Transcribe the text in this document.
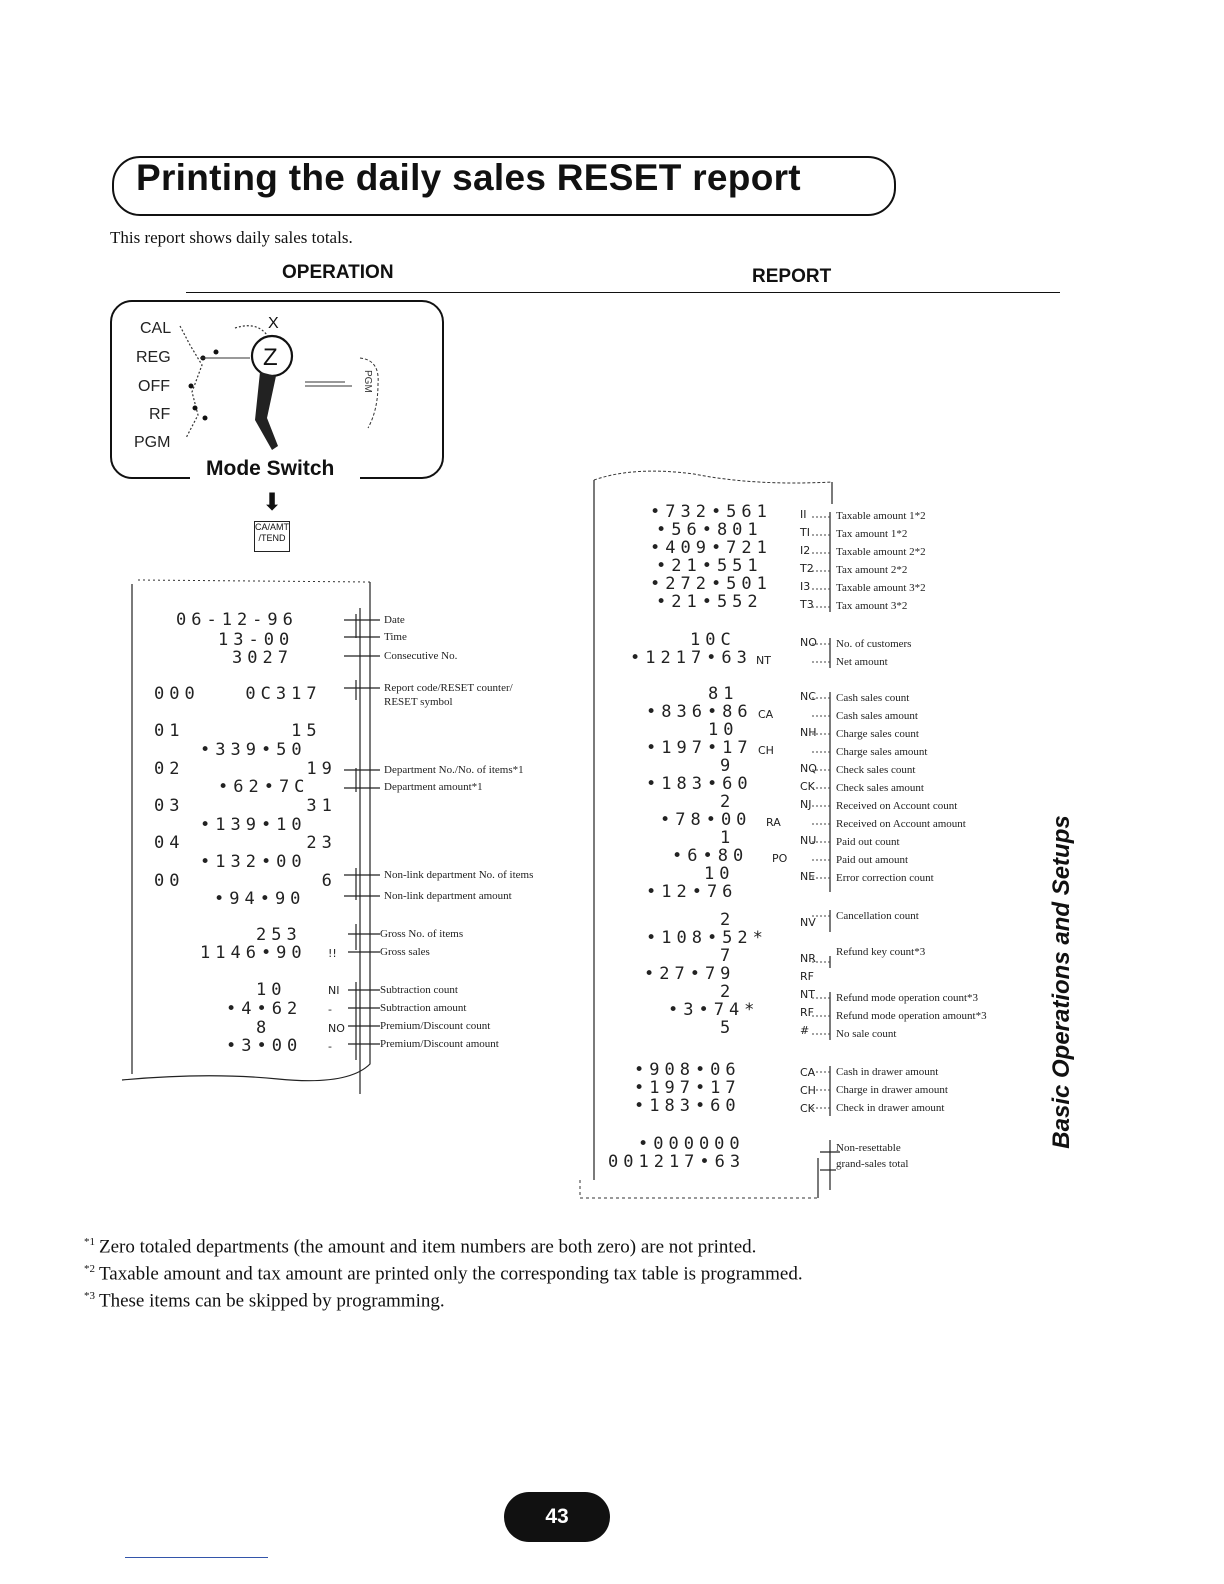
Printing the daily sales RESET report
This report shows daily sales totals.
OPERATION	REPORT
CAL
REG
OFF
RF
PGM
Z
X
PGM
Mode Switch
⬇
CA/AMT
/TEND
06-12-96
13-00
3027
000   0C317
01       15
•339•50
02        19
•62•7C
03        31
•139•10
04        23
•132•00
00         6
•94•90
253
1146•90
10
•4•62
8
•3•00
!!
NI
-
NO
-
Date
Time
Consecutive No.
Report code/RESET counter/
RESET symbol
Department No./No. of items*1
Department amount*1
Non-link department No. of items
Non-link department amount
Gross No. of items
Gross sales
Subtraction count
Subtraction amount
Premium/Discount count
Premium/Discount amount
•732•561
•56•801
•409•721
•21•551
•272•501
•21•552
10C
•1217•63
81
•836•86
10
•197•17
9
•183•60
2
•78•00
1
•6•80
10
•12•76
2
•108•52*
7
•27•79
2
•3•74*
5
•908•06
•197•17
•183•60
•000000
001217•63
II
TI
I2
T2
I3
T3
NO
NT
NC
CA
NH
CH
NQ
CK
NJ
RA
NU
PO
NE
NV
NR
RF
NT
RF
#
CA
CH
CK
Taxable amount 1*2
Tax amount 1*2
Taxable amount 2*2
Tax amount 2*2
Taxable amount 3*2
Tax amount 3*2
No. of customers
Net amount
Cash sales count
Cash sales amount
Charge sales count
Charge sales amount
Check sales count
Check sales amount
Received on Account count
Received on Account amount
Paid out count
Paid out amount
Error correction count
Cancellation count
Refund key count*3
Refund mode operation count*3
Refund mode operation amount*3
No sale count
Cash in drawer amount
Charge in drawer amount
Check in drawer amount
Non-resettable
grand-sales total
Basic Operations and Setups
$^{*1}$ Zero totaled departments (the amount and item numbers are both zero) are not printed.
$^{*2}$ Taxable amount and tax amount are printed only the corresponding tax table is programmed.
$^{*3}$ These items can be skipped by programming.
43
